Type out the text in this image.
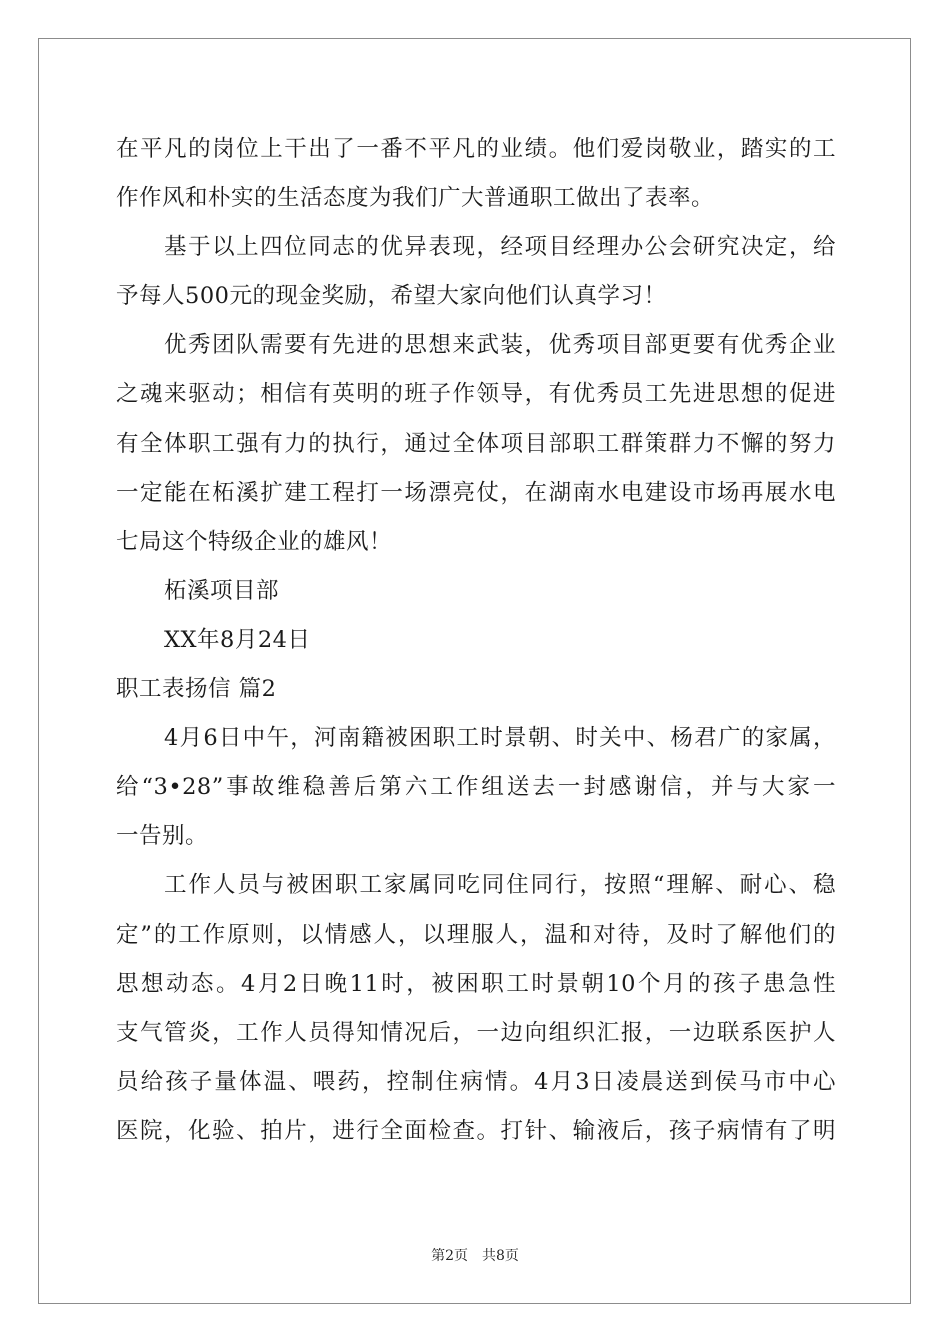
在平凡的岗位上干出了一番不平凡的业绩。他们爱岗敬业，踏实的工
作作风和朴实的生活态度为我们广大普通职工做出了表率。
基于以上四位同志的优异表现，经项目经理办公会研究决定，给
予每人500元的现金奖励，希望大家向他们认真学习！
优秀团队需要有先进的思想来武装，优秀项目部更要有优秀企业
之魂来驱动；相信有英明的班子作领导，有优秀员工先进思想的促进
有全体职工强有力的执行，通过全体项目部职工群策群力不懈的努力
一定能在柘溪扩建工程打一场漂亮仗，在湖南水电建设市场再展水电
七局这个特级企业的雄风！
柘溪项目部
XX年8月24日
职工表扬信 篇2
4月6日中午，河南籍被困职工时景朝、时关中、杨君广的家属，
给“3•28”事故维稳善后第六工作组送去一封感谢信，并与大家一
一告别。
工作人员与被困职工家属同吃同住同行，按照“理解、耐心、稳
定”的工作原则，以情感人，以理服人，温和对待，及时了解他们的
思想动态。4月2日晚11时，被困职工时景朝10个月的孩子患急性
支气管炎，工作人员得知情况后，一边向组织汇报，一边联系医护人
员给孩子量体温、喂药，控制住病情。4月3日凌晨送到侯马市中心
医院，化验、拍片，进行全面检查。打针、输液后，孩子病情有了明
第2页 共8页
